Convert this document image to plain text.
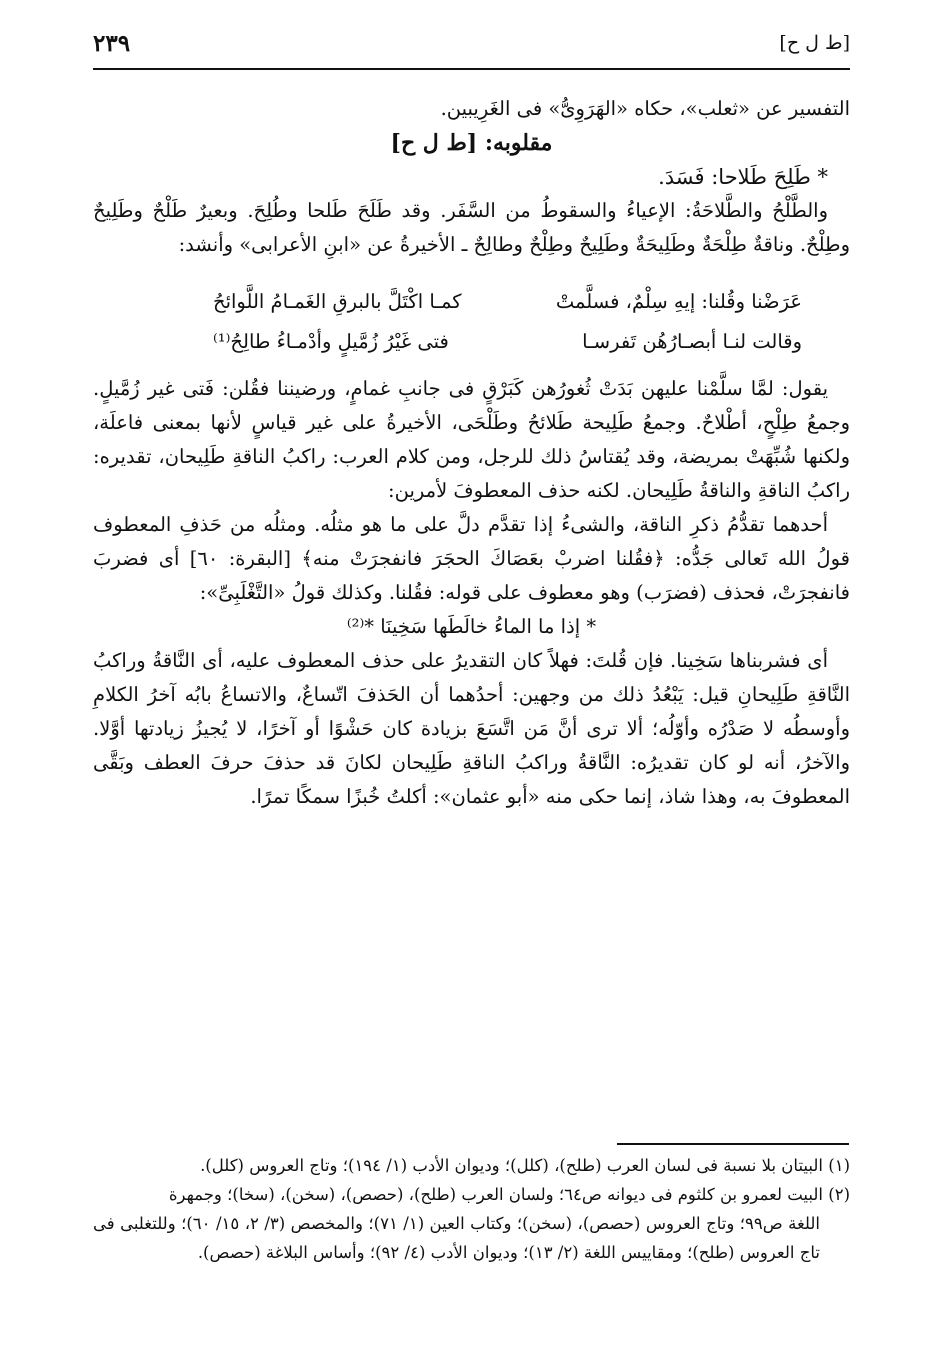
٢٣٩	[ط ل ح]

التفسير عن «ثعلب»، حكاه «الهَرَوِىُّ» فى الغَرِيبين.

مقلوبه: [ط ل ح]

* طَلِحَ طَلاحا: فَسَدَ.

والطَّلْحُ والطَّلاحَةُ: الإعياءُ والسقوطُ من السَّفَر. وقد طَلَحَ طَلحا وطُلِحَ. وبعيرٌ طَلْحٌ وطَلِيحٌ وطِلْحٌ. وناقةٌ طِلْحَةٌ وطَلِيحَةٌ وطَلِيحٌ وطِلْحٌ وطالِحٌ ـ الأخيرةُ عن «ابنِ الأعرابى» وأنشد:

عَرَضْنا وقُلنا: إيهِ سِلْمٌ، فسلَّمتْ
كمـا اكْتَلَّ بالبرقِ الغَمـامُ اللَّوائحُ
وقالت لنـا أبصـارُهُن تَفرسـا
فتى غَيْرُ زُمَّيلٍ وأدْمـاءُ طالِحُ⁽¹⁾

يقول: لمَّا سلَّمْنا عليهن بَدَتْ ثُغورُهن كَبَرْقٍ فى جانبِ غمامٍ، ورضيننا فقُلن: فَتى غير زُمَّيلٍ. وجمعُ طِلْحٍ، أطْلاحٌ. وجمعُ طَلِيحة طَلائحُ وطَلْحَى، الأخيرةُ على غير قياسٍ لأنها بمعنى فاعلَة، ولكنها شُبِّهَتْ بمريضة، وقد يُقتاسُ ذلك للرجل، ومن كلام العرب: راكبُ الناقةِ طَلِيحان، تقديره: راكبُ الناقةِ والناقةُ طَلِيحان. لكنه حذف المعطوفَ لأمرين:

أحدهما تقدُّمُ ذكرِ الناقة، والشىءُ إذا تقدَّم دلَّ على ما هو مثلُه. ومثلُه من حَذفِ المعطوف قولُ الله تَعالى جَدُّه: ﴿فقُلنا اضربْ بعَصَاكَ الحجَرَ فانفجرَتْ منه﴾ [البقرة: ٦٠] أى فضربَ فانفجرَتْ، فحذف (فضرَب) وهو معطوف على قوله: فقُلنا. وكذلك قولُ «التَّغْلَبِىِّ»:

* إذا ما الماءُ خالَطَها سَخِينَا *⁽²⁾

أى فشربناها سَخِينا. فإن قُلتَ: فهلاً كان التقديرُ على حذف المعطوف عليه، أى النَّاقةُ وراكبُ النَّاقةِ طَلِيحانِ قيل: يَبْعُدُ ذلك من وجهين: أحدُهما أن الحَذفَ اتّساعٌ، والاتساعُ بابُه آخرُ الكلامِ وأوسطُه لا صَدْرُه وأوّلُه؛ ألا ترى أنَّ مَن اتَّسَعَ بزيادة كان حَشْوًا أو آخرًا، لا يُجيزُ زيادتها أوَّلا. والآخرُ، أنه لو كان تقديرُه: النَّاقةُ وراكبُ الناقةِ طَلِيحان لكانَ قد حذفَ حرفَ العطف وبَقَّى المعطوفَ به، وهذا شاذ، إنما حكى منه «أبو عثمان»: أكلتُ خُبزًا سمكًا تمرًا.

(١) البيتان بلا نسبة فى لسان العرب (طلح)، (كلل)؛ وديوان الأدب (١/ ١٩٤)؛ وتاج العروس (كلل).

(٢) البيت لعمرو بن كلثوم فى ديوانه ص٦٤؛ ولسان العرب (طلح)، (حصص)، (سخن)، (سخا)؛ وجمهرة

اللغة ص٩٩؛ وتاج العروس (حصص)، (سخن)؛ وكتاب العين (١/ ٧١)؛ والمخصص (٣/ ٢، ١٥/ ٦٠)؛ وللتغلبى فى تاج العروس (طلح)؛ ومقاييس اللغة (٢/ ١٣)؛ وديوان الأدب (٤/ ٩٢)؛ وأساس البلاغة (حصص).
